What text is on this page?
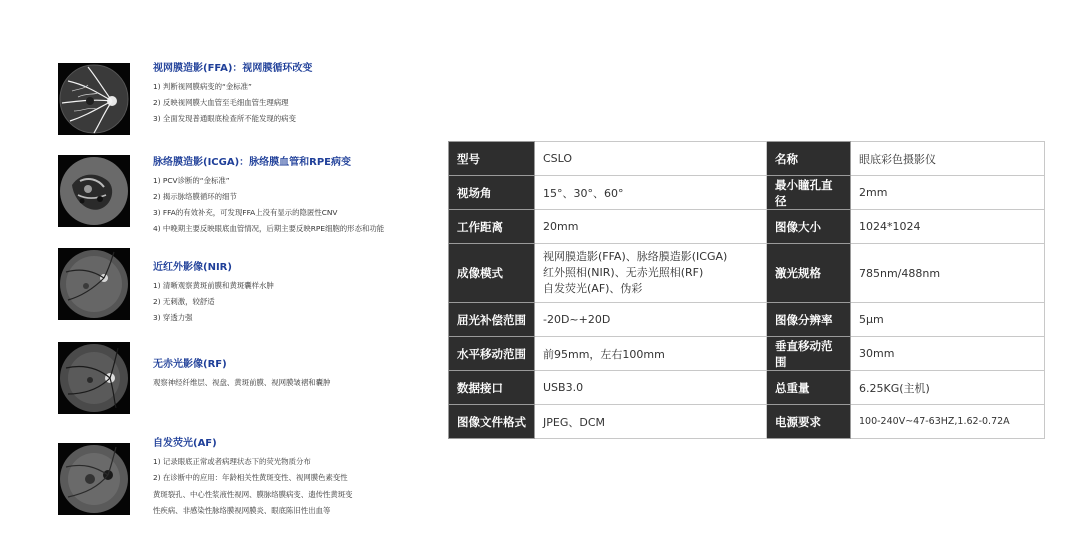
视网膜造影(FFA)：视网膜循环改变
1) 判断视网膜病变的“金标准”
2) 反映视网膜大血管至毛细血管生理病理
3) 全面发现普通眼底检查所不能发现的病变
脉络膜造影(ICGA)：脉络膜血管和RPE病变
1) PCV诊断的“金标准”
2) 揭示脉络膜循环的细节
3) FFA的有效补充，可发现FFA上没有显示的隐匿性CNV
4) 中晚期主要反映眼底血管情况，后期主要反映RPE细胞的形态和功能
近红外影像(NIR)
1) 清晰观察黄斑前膜和黄斑囊样水肿
2) 无刺激，较舒适
3) 穿透力强
无赤光影像(RF)
观察神经纤维层、视盘、黄斑前膜、视网膜皱褶和囊肿
自发荧光(AF)
1) 记录眼底正常或者病理状态下的荧光物质分布
2) 在诊断中的应用：年龄相关性黄斑变性、视网膜色素变性
黄斑裂孔、中心性浆液性视网、膜脉络膜病变、遗传性黄斑变
性疾病、非感染性脉络膜视网膜炎、眼底陈旧性出血等
型号	CSLO	名称	眼底彩色摄影仪
视场角	15°、30°、60°	最小瞳孔直径	2mm
工作距离	20mm	图像大小	1024*1024
成像模式	视网膜造影(FFA)、脉络膜造影(ICGA)
红外照相(NIR)、无赤光照相(RF)
自发荧光(AF)、伪彩	激光规格	785nm/488nm
屈光补偿范围	-20D~+20D	图像分辨率	5μm
水平移动范围	前95mm，左右100mm	垂直移动范围	30mm
数据接口	USB3.0	总重量	6.25KG(主机)
图像文件格式	JPEG、DCM	电源要求	100-240V~47-63HZ,1.62-0.72A
